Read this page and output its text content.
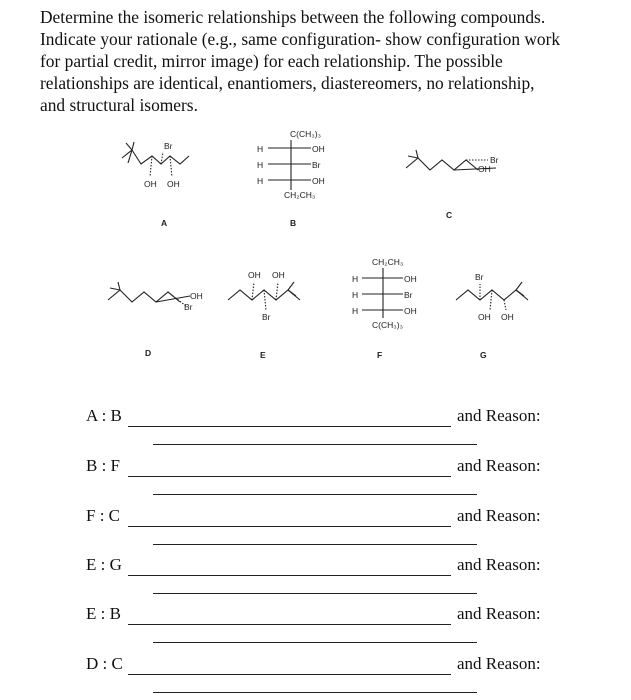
Determine the isomeric relationships between the following compounds.

Indicate your rationale (e.g., same configuration- show configuration work

for partial credit, mirror image) for each relationship. The possible

relationships are identical, enantiomers, diastereomers, no relationship,

and structural isomers.

Br
OH OH
A
C(CH₃)₃
H	OH
H	Br
H	OH
CH₂CH₃
B
Br
OH
C
OH
Br
D
OH OH
Br
E
CH₂CH₃
H	OH
H	Br
H	OH
C(CH₃)₃
F
Br
OH OH
G
A : B	and Reason:
B : F	and Reason:
F : C	and Reason:
E : G	and Reason:
E : B	and Reason:
D : C	and Reason:
